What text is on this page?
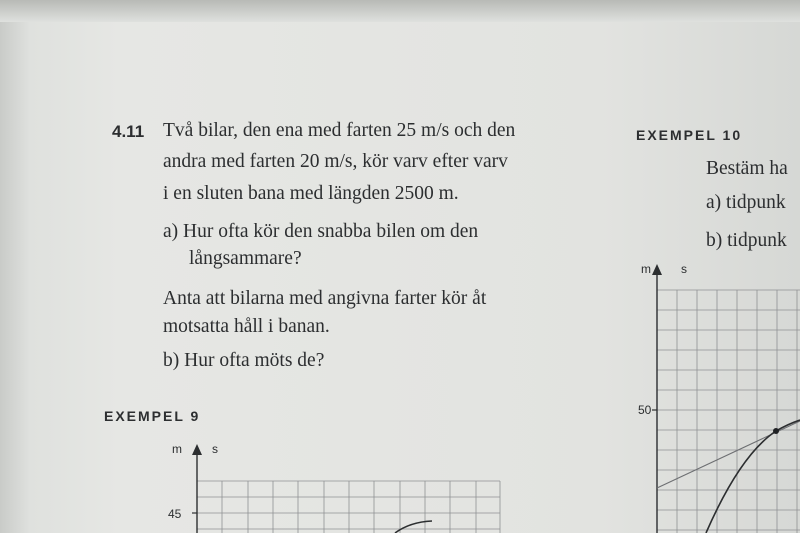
4.11 Två bilar, den ena med farten 25 m/s och den
andra med farten 20 m/s, kör varv efter varv
i en sluten bana med längden 2500 m.
a) Hur ofta kör den snabba bilen om den
långsammare?
Anta att bilarna med angivna farter kör åt
motsatta håll i banan.
b) Hur ofta möts de?
EXEMPEL 9
m	s
45
EXEMPEL 10
Bestäm ha
a) tidpunk
b) tidpunk
m	s
50
